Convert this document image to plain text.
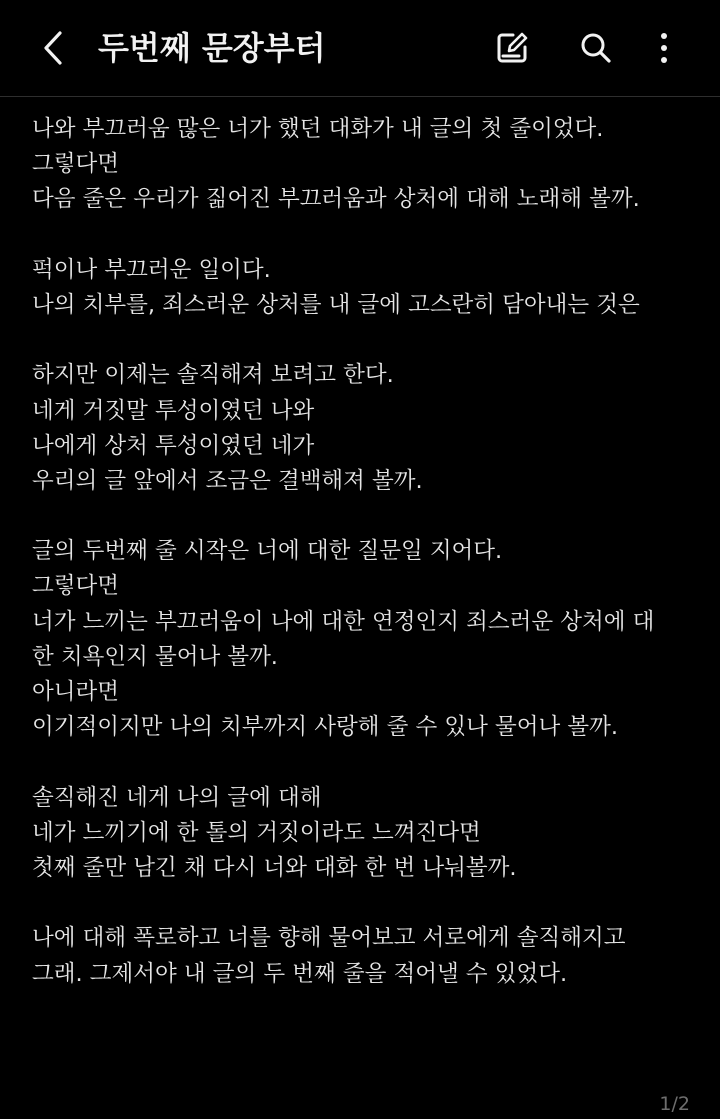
두번째 문장부터
나와 부끄러움 많은 너가 했던 대화가 내 글의 첫 줄이었다.
그렇다면
다음 줄은 우리가 짊어진 부끄러움과 상처에 대해 노래해 볼까.
퍽이나 부끄러운 일이다.
나의 치부를, 죄스러운 상처를 내 글에 고스란히 담아내는 것은
하지만 이제는 솔직해져 보려고 한다.
네게 거짓말 투성이였던 나와
나에게 상처 투성이였던 네가
우리의 글 앞에서 조금은 결백해져 볼까.
글의 두번째 줄 시작은 너에 대한 질문일 지어다.
그렇다면
너가 느끼는 부끄러움이 나에 대한 연정인지 죄스러운 상처에 대
한 치욕인지 물어나 볼까.
아니라면
이기적이지만 나의 치부까지 사랑해 줄 수 있나 물어나 볼까.
솔직해진 네게 나의 글에 대해
네가 느끼기에 한 톨의 거짓이라도 느껴진다면
첫째 줄만 남긴 채 다시 너와 대화 한 번 나눠볼까.
나에 대해 폭로하고 너를 향해 물어보고 서로에게 솔직해지고
그래. 그제서야 내 글의 두 번째 줄을 적어낼 수 있었다.
1/2
